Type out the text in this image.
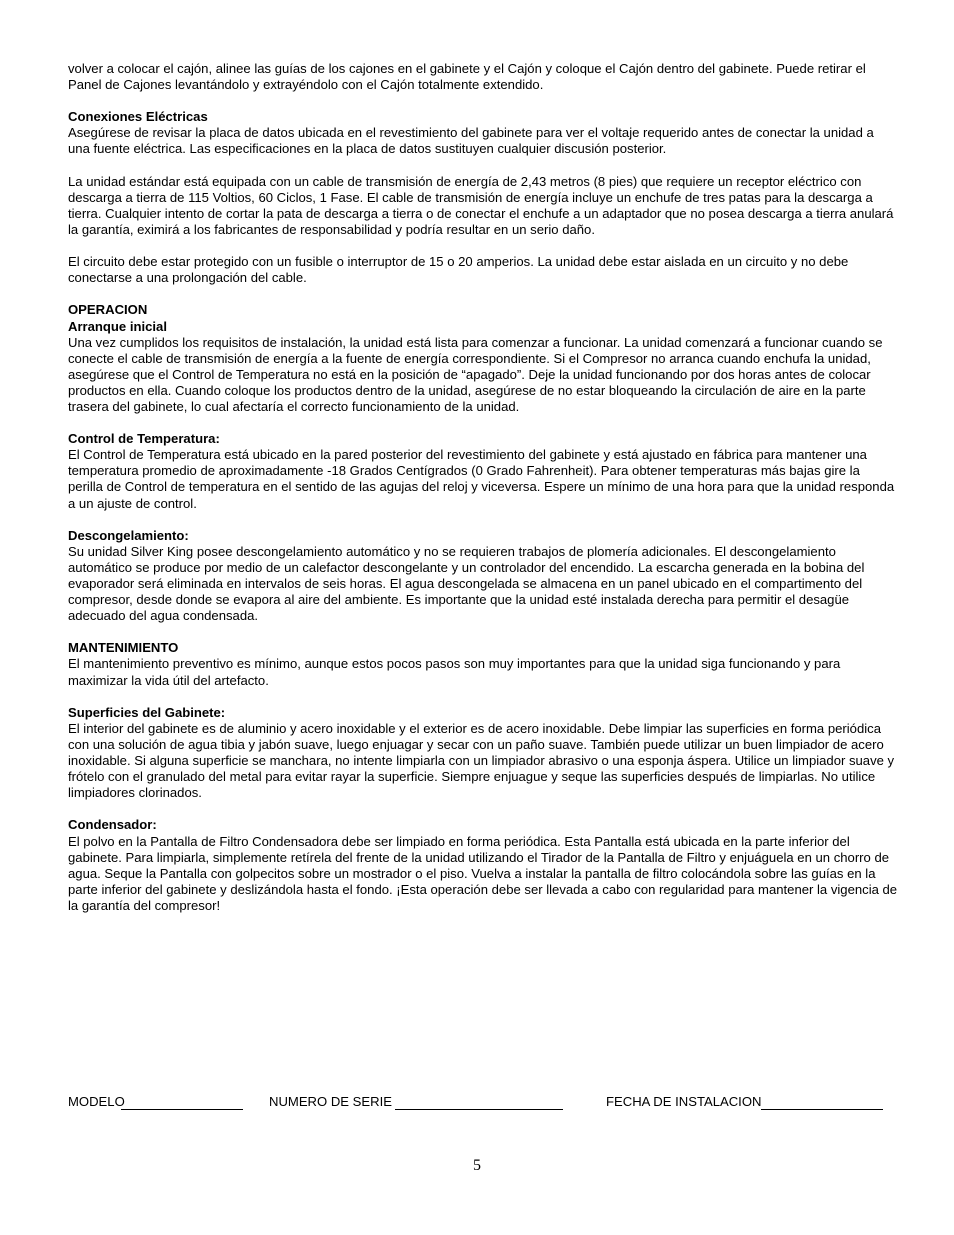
volver a colocar el cajón, alinee las guías de los cajones en el gabinete y el Cajón y coloque el Cajón dentro del gabinete. Puede retirar el Panel de Cajones levantándolo y extrayéndolo con el Cajón totalmente extendido.

Conexiones Eléctricas
Asegúrese de revisar la placa de datos ubicada en el revestimiento del gabinete para ver el voltaje requerido antes de conectar la unidad a una fuente eléctrica. Las especificaciones en la placa de datos sustituyen cualquier discusión posterior.

La unidad estándar está equipada con un cable de transmisión de energía de 2,43 metros (8 pies) que requiere un receptor eléctrico con descarga a tierra de 115 Voltios, 60 Ciclos, 1 Fase. El cable de transmisión de energía incluye un enchufe de tres patas para la descarga a tierra. Cualquier intento de cortar la pata de descarga a tierra o de conectar el enchufe a un adaptador que no posea descarga a tierra anulará la garantía, eximirá a los fabricantes de responsabilidad y podría resultar en un serio daño.

El circuito debe estar protegido con un fusible o interruptor de 15 o 20 amperios. La unidad debe estar aislada en un circuito y no debe conectarse a una prolongación del cable.

OPERACION
Arranque inicial
Una vez cumplidos los requisitos de instalación, la unidad está lista para comenzar a funcionar. La unidad comenzará a funcionar cuando se conecte el cable de transmisión de energía a la fuente de energía correspondiente. Si el Compresor no arranca cuando enchufa la unidad, asegúrese que el Control de Temperatura no está en la posición de “apagado”. Deje la unidad funcionando por dos horas antes de colocar productos en ella. Cuando coloque los productos dentro de la unidad, asegúrese de no estar bloqueando la circulación de aire en la parte trasera del gabinete, lo cual afectaría el correcto funcionamiento de la unidad.

Control de Temperatura:
El Control de Temperatura está ubicado en la pared posterior del revestimiento del gabinete y está ajustado en fábrica para mantener una temperatura promedio de aproximadamente -18 Grados Centígrados (0 Grado Fahrenheit). Para obtener temperaturas más bajas gire la perilla de Control de temperatura en el sentido de las agujas del reloj y viceversa. Espere un mínimo de una hora para que la unidad responda a un ajuste de control.

Descongelamiento:
Su unidad Silver King posee descongelamiento automático y no se requieren trabajos de plomería adicionales. El descongelamiento automático se produce por medio de un calefactor descongelante y un controlador del encendido. La escarcha generada en la bobina del evaporador será eliminada en intervalos de seis horas. El agua descongelada se almacena en un panel ubicado en el compartimento del compresor, desde donde se evapora al aire del ambiente. Es importante que la unidad esté instalada derecha para permitir el desagüe adecuado del agua condensada.

MANTENIMIENTO
El mantenimiento preventivo es mínimo, aunque estos pocos pasos son muy importantes para que la unidad siga funcionando y para maximizar la vida útil del artefacto.

Superficies del Gabinete:
El interior del gabinete es de aluminio y acero inoxidable y el exterior es de acero inoxidable. Debe limpiar las superficies en forma periódica con una solución de agua tibia y jabón suave, luego enjuagar y secar con un paño suave. También puede utilizar un buen limpiador de acero inoxidable. Si alguna superficie se manchara, no intente limpiarla con un limpiador abrasivo o una esponja áspera. Utilice un limpiador suave y frótelo con el granulado del metal para evitar rayar la superficie. Siempre enjuague y seque las superficies después de limpiarlas. No utilice limpiadores clorinados.

Condensador:
El polvo en la Pantalla de Filtro Condensadora debe ser limpiado en forma periódica. Esta Pantalla está ubicada en la parte inferior del gabinete. Para limpiarla, simplemente retírela del frente de la unidad utilizando el Tirador de la Pantalla de Filtro y enjuáguela en un chorro de agua. Seque la Pantalla con golpecitos sobre un mostrador o el piso. Vuelva a instalar la pantalla de filtro colocándola sobre las guías en la parte inferior del gabinete y deslizándola hasta el fondo. ¡Esta operación debe ser llevada a cabo con regularidad para mantener la vigencia de la garantía del compresor!

MODELO	NUMERO DE SERIE	FECHA DE INSTALACION
5
